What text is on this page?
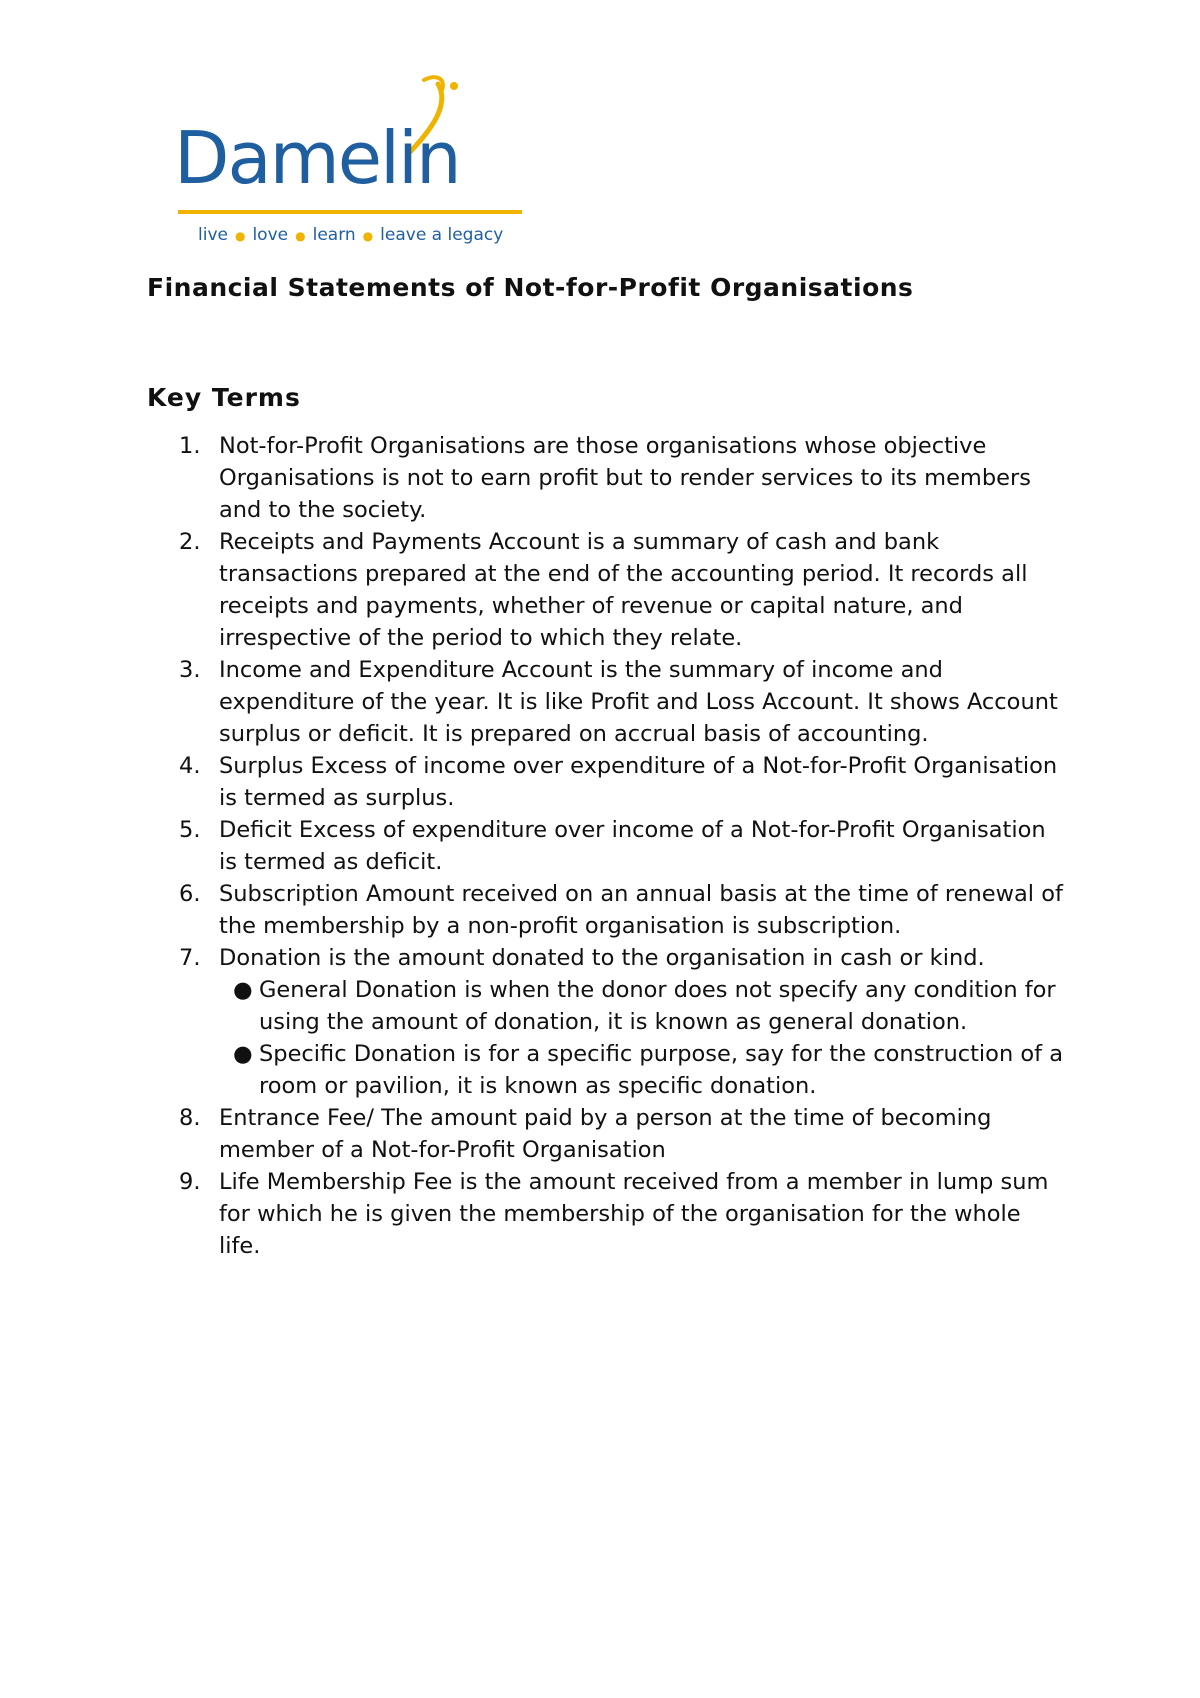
Damelin
live ● love ● learn ● leave a legacy
Financial Statements of Not-for-Profit Organisations
Key Terms
1. Not-for-Profit Organisations are those organisations whose objective Organisations is not to earn profit but to render services to its members and to the society.
2. Receipts and Payments Account is a summary of cash and bank transactions prepared at the end of the accounting period. It records all receipts and payments, whether of revenue or capital nature, and irrespective of the period to which they relate.
3. Income and Expenditure Account is the summary of income and expenditure of the year. It is like Profit and Loss Account. It shows Account surplus or deficit. It is prepared on accrual basis of accounting.
4. Surplus Excess of income over expenditure of a Not-for-Profit Organisation is termed as surplus.
5. Deficit Excess of expenditure over income of a Not-for-Profit Organisation is termed as deficit.
6. Subscription Amount received on an annual basis at the time of renewal of the membership by a non-profit organisation is subscription.
7. Donation is the amount donated to the organisation in cash or kind.
● General Donation is when the donor does not specify any condition for using the amount of donation, it is known as general donation.
● Specific Donation is for a specific purpose, say for the construction of a room or pavilion, it is known as specific donation.
8. Entrance Fee/ The amount paid by a person at the time of becoming member of a Not-for-Profit Organisation
9. Life Membership Fee is the amount received from a member in lump sum for which he is given the membership of the organisation for the whole life.
